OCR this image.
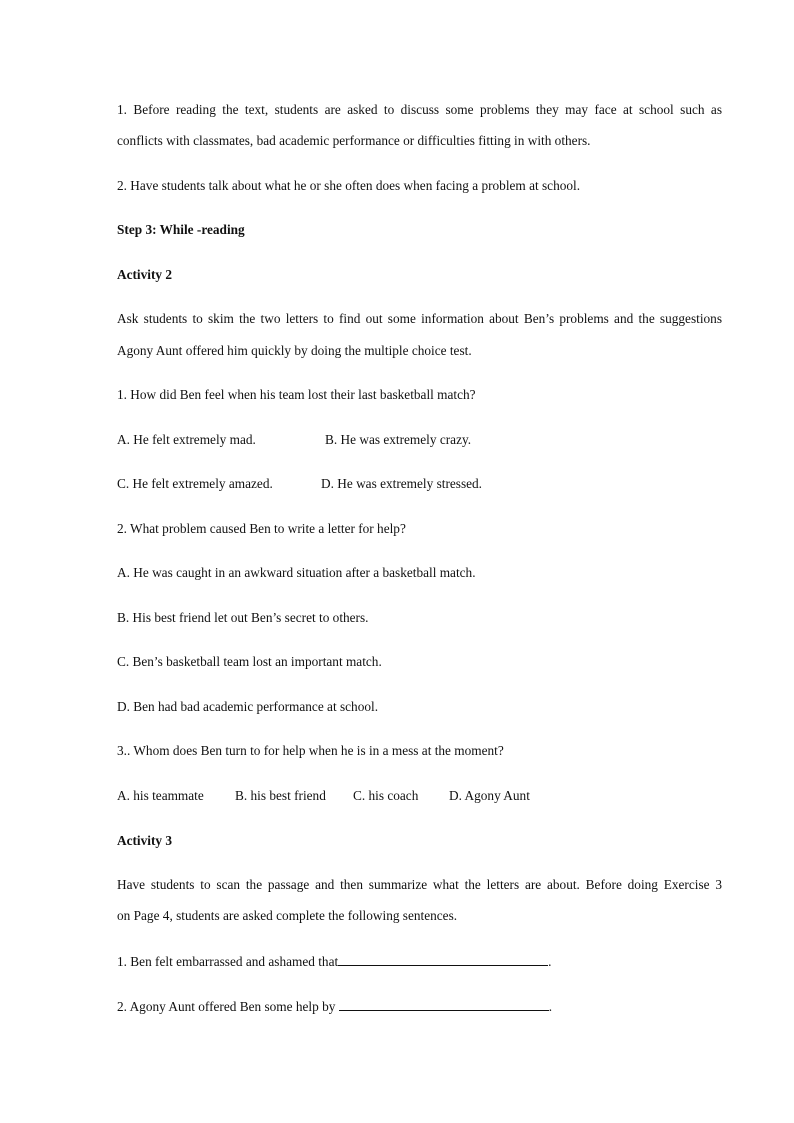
1. Before reading the text, students are asked to discuss some problems they may face at school such as
conflicts with classmates, bad academic performance or difficulties fitting in with others.
2. Have students talk about what he or she often does when facing a problem at school.
Step 3: While -reading
Activity 2
Ask students to skim the two letters to find out some information about Ben’s problems and the suggestions
Agony Aunt offered him quickly by doing the multiple choice test.
1. How did Ben feel when his team lost their last basketball match?
A. He felt extremely mad.	B. He was extremely crazy.
C. He felt extremely amazed.	D. He was extremely stressed.
2. What problem caused Ben to write a letter for help?
A. He was caught in an awkward situation after a basketball match.
B. His best friend let out Ben’s secret to others.
C. Ben’s basketball team lost an important match.
D. Ben had bad academic performance at school.
3.. Whom does Ben turn to for help when he is in a mess at the moment?
A. his teammate B. his best friend C. his coach D. Agony Aunt
Activity 3
Have students to scan the passage and then summarize what the letters are about. Before doing Exercise 3
on Page 4, students are asked complete the following sentences.
1. Ben felt embarrassed and ashamed that	.
2. Agony Aunt offered Ben some help by	.
